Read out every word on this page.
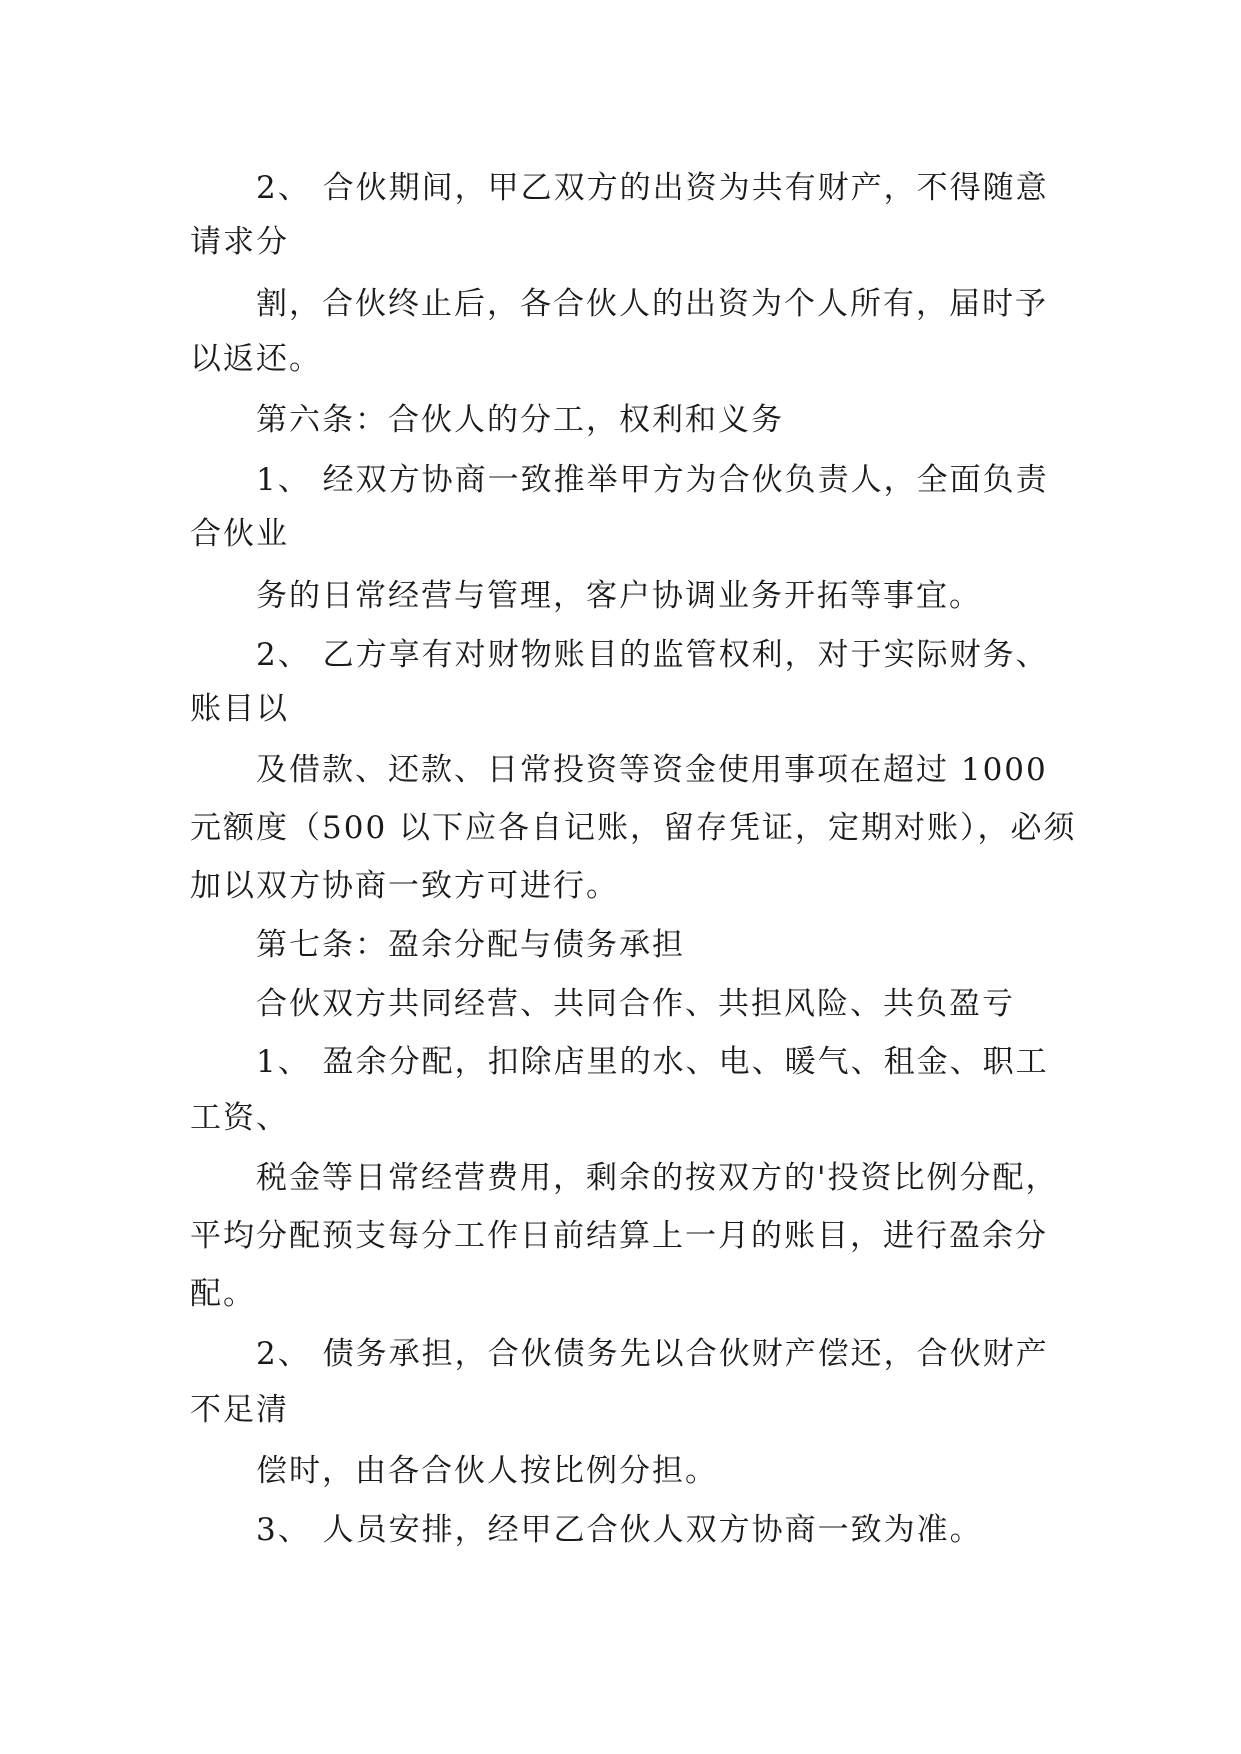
2、 合伙期间，甲乙双方的出资为共有财产，不得随意
请求分
割，合伙终止后，各合伙人的出资为个人所有，届时予
以返还。
第六条：合伙人的分工，权利和义务
1、 经双方协商一致推举甲方为合伙负责人，全面负责
合伙业
务的日常经营与管理，客户协调业务开拓等事宜。
2、 乙方享有对财物账目的监管权利，对于实际财务、
账目以
及借款、还款、日常投资等资金使用事项在超过 1000
元额度（500 以下应各自记账，留存凭证，定期对账），必须
加以双方协商一致方可进行。
第七条：盈余分配与债务承担
合伙双方共同经营、共同合作、共担风险、共负盈亏
1、 盈余分配，扣除店里的水、电、暖气、租金、职工
工资、
税金等日常经营费用，剩余的按双方的'投资比例分配，
平均分配预支每分工作日前结算上一月的账目，进行盈余分
配。
2、 债务承担，合伙债务先以合伙财产偿还，合伙财产
不足清
偿时，由各合伙人按比例分担。
3、 人员安排，经甲乙合伙人双方协商一致为准。
